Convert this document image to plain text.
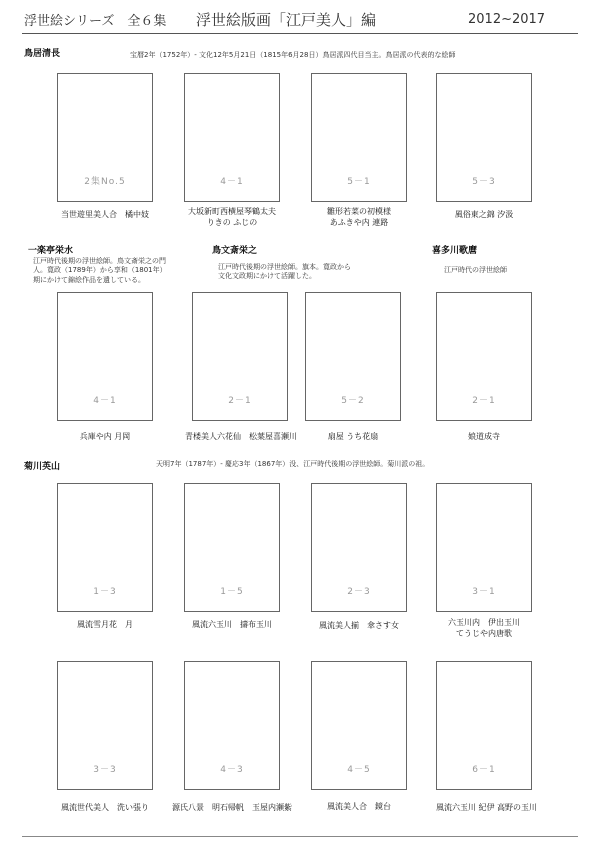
浮世絵シリーズ　全６集 浮世絵版画「江戸美人」編	2012~2017
鳥居清長	宝暦2年（1752年）- 文化12年5月21日（1815年6月28日）鳥居派四代目当主。鳥居派の代表的な絵師
一楽亭栄水
江戸時代後期の浮世絵師。鳥文斎栄之の門
人。寛政（1789年）から享和（1801年）
期にかけて錦絵作品を遺している。
鳥文斎栄之
江戸時代後期の浮世絵師。旗本。寛政から
文化文政期にかけて活躍した。
喜多川歌麿
江戸時代の浮世絵師
菊川英山	天明7年（1787年）- 慶応3年（1867年）没、江戸時代後期の浮世絵師。菊川派の祖。
2集No.5
当世遊里美人合　橘中妓
4－1
大坂新町西横屋琴鶴太夫
りきの ふじの
5－1
雛形若菜の初模様
あふきや内 連路
5－3
風俗東之錦 汐汲
4－1
兵庫や内 月岡
2－1
青楼美人六花仙　松葉屋喜瀬川
5－2
扇屋 うち花扇
2－1
娘道成寺
1－3
風流雪月花　月
1－5
風流六玉川　擣布玉川
2－3
風流美人揃　傘さす女
3－1
六玉川内　伊出玉川
てうじや内唐歌
3－3
風流世代美人　洗い張り
4－3
源氏八景　明石帰帆　玉屋内瀬紫
4－5
風流美人合　鏡台
6－1
風流六玉川 紀伊 高野の玉川
